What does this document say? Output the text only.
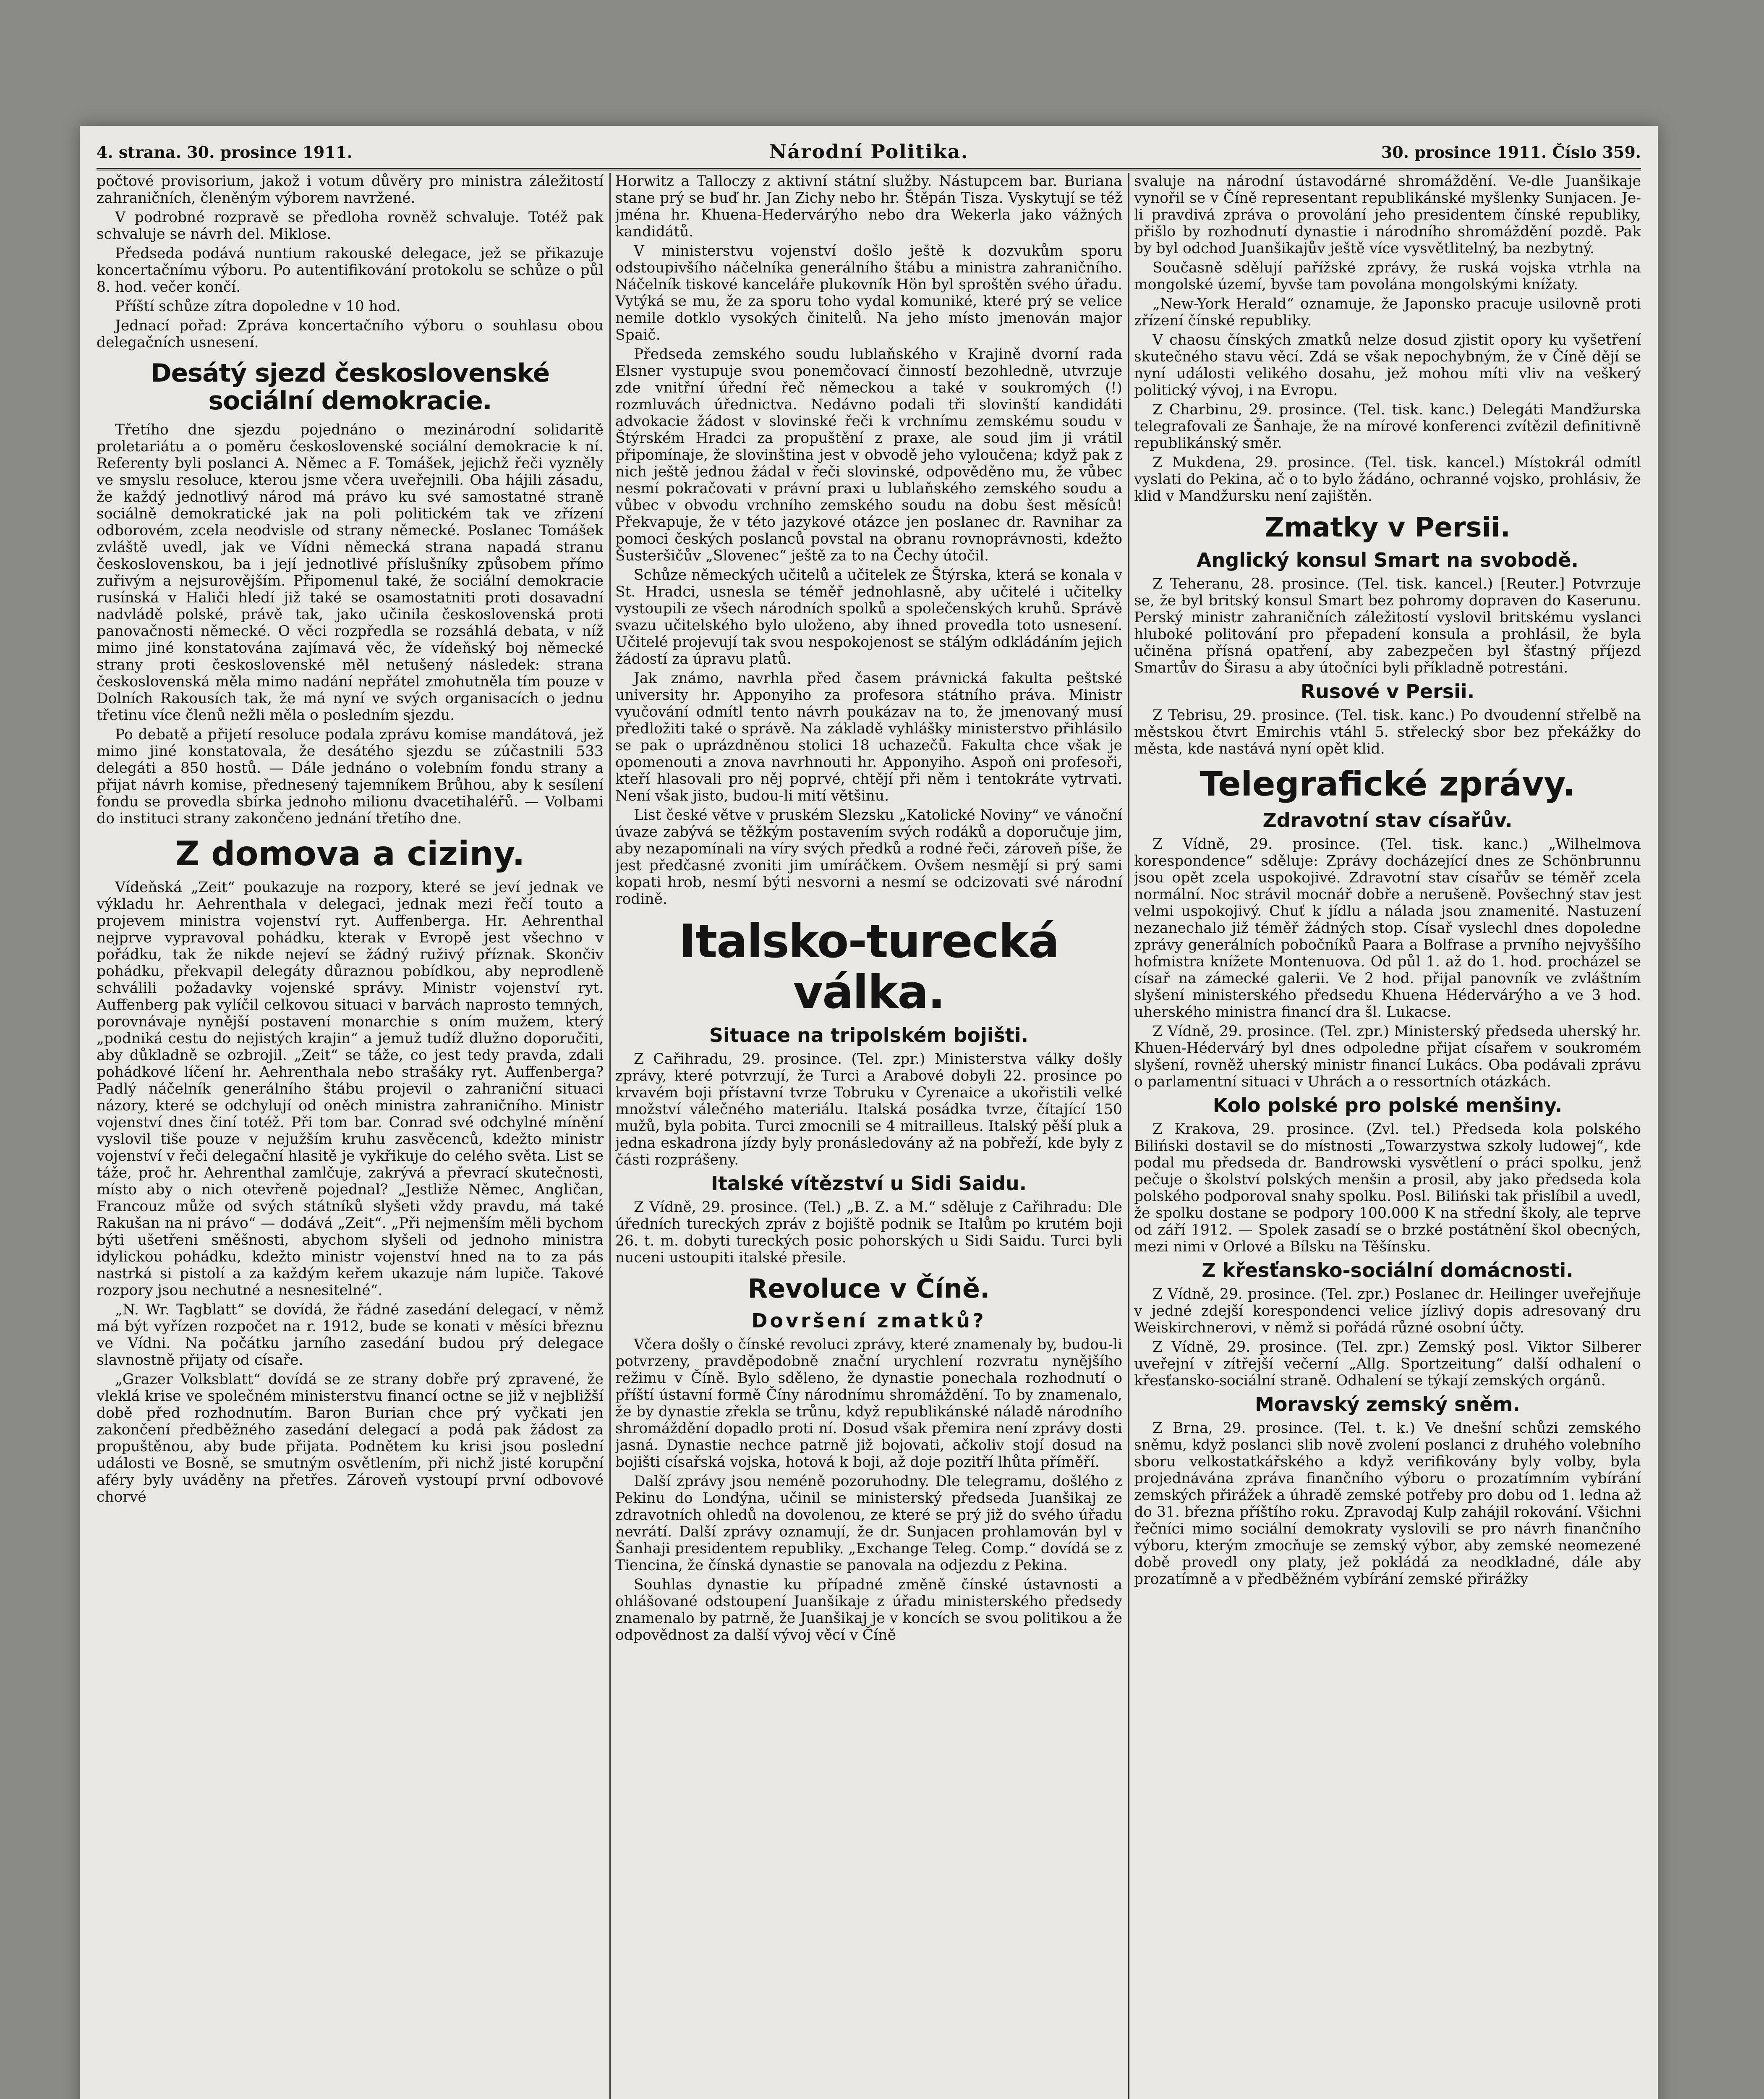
4. strana. 30. prosince 1911.	Národní Politika.	30. prosince 1911. Číslo 359.

počtové provisorium, jakož i votum důvěry pro ministra záležitostí zahraničních, členěným výborem navržené.

V podrobné rozpravě se předloha rovněž schvaluje. Totéž pak schvaluje se návrh del. Miklose.

Předseda podává nuntium rakouské delegace, jež se přikazuje koncertačnímu výboru. Po autentifikování protokolu se schůze o půl 8. hod. večer končí.

Příští schůze zítra dopoledne v 10 hod.

Jednací pořad: Zpráva koncertačního výboru o souhlasu obou delegačních usnesení.

Desátý sjezd československé sociální demokracie.

Třetího dne sjezdu pojednáno o mezinárodní solidaritě proletariátu a o poměru československé sociální demokracie k ní. Referenty byli poslanci A. Němec a F. Tomášek, jejichž řeči vyzněly ve smyslu resoluce, kterou jsme včera uveřejnili. Oba hájili zásadu, že každý jednotlivý národ má právo ku své samostatné straně sociálně demokratické jak na poli politickém tak ve zřízení odborovém, zcela neodvisle od strany německé. Poslanec Tomášek zvláště uvedl, jak ve Vídni německá strana napadá stranu československou, ba i její jednotlivé příslušníky způsobem přímo zuřivým a nejsurovějším. Připomenul také, že sociální demokracie rusínská v Haliči hledí již také se osamostatniti proti dosavadní nadvládě polské, právě tak, jako učinila československá proti panovačnosti německé. O věci rozpředla se rozsáhlá debata, v níž mimo jiné konstatována zajímavá věc, že vídeňský boj německé strany proti československé měl netušený následek: strana československá měla mimo nadání nepřátel zmohutněla tím pouze v Dolních Rakousích tak, že má nyní ve svých organisacích o jednu třetinu více členů nežli měla o posledním sjezdu.

Po debatě a přijetí resoluce podala zprávu komise mandátová, jež mimo jiné konstatovala, že desátého sjezdu se zúčastnili 533 delegáti a 850 hostů. — Dále jednáno o volebním fondu strany a přijat návrh komise, přednesený tajemníkem Brůhou, aby k sesílení fondu se provedla sbírka jednoho milionu dvacetihaléřů. — Volbami do instituci strany zakončeno jednání třetího dne.

Z domova a ciziny.

Vídeňská „Zeit“ poukazuje na rozpory, které se jeví jednak ve výkladu hr. Aehrenthala v delegaci, jednak mezi řečí touto a projevem ministra vojenství ryt. Auffenberga. Hr. Aehrenthal nejprve vypravoval pohádku, kterak v Evropě jest všechno v pořádku, tak že nikde nejeví se žádný ruživý příznak. Skončiv pohádku, překvapil delegáty důraznou pobídkou, aby neprodleně schválili požadavky vojenské správy. Ministr vojenství ryt. Auffenberg pak vylíčil celkovou situaci v barvách naprosto temných, porovnávaje nynější postavení monarchie s oním mužem, který „podniká cestu do nejistých krajin“ a jemuž tudíž dlužno doporučiti, aby důkladně se ozbrojil. „Zeit“ se táže, co jest tedy pravda, zdali pohádkové líčení hr. Aehrenthala nebo strašáky ryt. Auffenberga? Padlý náčelník generálního štábu projevil o zahraniční situaci názory, které se odchylují od oněch ministra zahraničního. Ministr vojenství dnes činí totéž. Při tom bar. Conrad své odchylné mínění vyslovil tiše pouze v nejužším kruhu zasvěcenců, kdežto ministr vojenství v řeči delegační hlasitě je vykřikuje do celého světa. List se táže, proč hr. Aehrenthal zamlčuje, zakrývá a převrací skutečnosti, místo aby o nich otevřeně pojednal? „Jestliže Němec, Angličan, Francouz může od svých státníků slyšeti vždy pravdu, má také Rakušan na ni právo“ — dodává „Zeit“. „Při nejmenším měli bychom býti ušetřeni směšnosti, abychom slyšeli od jednoho ministra idylickou pohádku, kdežto ministr vojenství hned na to za pás nastrká si pistolí a za každým keřem ukazuje nám lupiče. Takové rozpory jsou nechutné a nesnesitelné“.

„N. Wr. Tagblatt“ se dovídá, že řádné zasedání delegací, v němž má být vyřízen rozpočet na r. 1912, bude se konati v měsíci březnu ve Vídni. Na počátku jarního zasedání budou prý delegace slavnostně přijaty od císaře.

„Grazer Volksblatt“ dovídá se ze strany dobře prý zpravené, že vleklá krise ve společném ministerstvu financí octne se již v nejbližší době před rozhodnutím. Baron Burian chce prý vyčkati jen zakončení předběžného zasedání delegací a podá pak žádost za propuštěnou, aby bude přijata. Podnětem ku krisi jsou poslední události ve Bosně, se smutným osvětlením, při nichž jisté korupční aféry byly uváděny na přetřes. Zároveň vystoupí první odbovové chorvé

Horwitz a Talloczy z aktivní státní služby. Nástupcem bar. Buriana stane prý se buď hr. Jan Zichy nebo hr. Štěpán Tisza. Vyskytují se též jména hr. Khuena-Hedervárýho nebo dra Wekerla jako vážných kandidátů.

V ministerstvu vojenství došlo ještě k dozvukům sporu odstoupivšího náčelníka generálního štábu a ministra zahraničního. Náčelník tiskové kanceláře plukovník Hön byl sproštěn svého úřadu. Vytýká se mu, že za sporu toho vydal komuniké, které prý se velice nemile dotklo vysokých činitelů. Na jeho místo jmenován major Spaič.

Předseda zemského soudu lublaňského v Krajině dvorní rada Elsner vystupuje svou ponemčovací činností bezohledně, utvrzuje zde vnitřní úřední řeč německou a také v soukromých (!) rozmluvách úřednictva. Nedávno podali tři slovinští kandidáti advokacie žádost v slovinské řeči k vrchnímu zemskému soudu v Štýrském Hradci za propuštění z praxe, ale soud jim ji vrátil připomínaje, že slovinština jest v obvodě jeho vyloučena; když pak z nich ještě jednou žádal v řeči slovinské, odpověděno mu, že vůbec nesmí pokračovati v právní praxi u lublaňského zemského soudu a vůbec v obvodu vrchního zemského soudu na dobu šest měsíců! Překvapuje, že v této jazykové otázce jen poslanec dr. Ravnihar za pomoci českých poslanců povstal na obranu rovnoprávnosti, kdežto Šusteršičův „Slovenec“ ještě za to na Čechy útočil.

Schůze německých učitelů a učitelek ze Štýrska, která se konala v St. Hradci, usnesla se téměř jednohlasně, aby učitelé i učitelky vystoupili ze všech národních spolků a společenských kruhů. Správě svazu učitelského bylo uloženo, aby ihned provedla toto usnesení. Učitelé projevují tak svou nespokojenost se stálým odkládáním jejich žádostí za úpravu platů.

Jak známo, navrhla před časem právnická fakulta peštské university hr. Apponyiho za profesora státního práva. Ministr vyučování odmítl tento návrh poukázav na to, že jmenovaný musí předložiti také o správě. Na základě vyhlášky ministerstvo přihlásilo se pak o uprázdněnou stolici 18 uchazečů. Fakulta chce však je opomenouti a znova navrhnouti hr. Apponyiho. Aspoň oni profesoři, kteří hlasovali pro něj poprvé, chtějí při něm i tentokráte vytrvati. Není však jisto, budou-li mití většinu.

List české větve v pruském Slezsku „Katolické Noviny“ ve vánoční úvaze zabývá se těžkým postavením svých rodáků a doporučuje jim, aby nezapomínali na víry svých předků a rodné řeči, zároveň píše, že jest předčasné zvoniti jim umíráčkem. Ovšem nesmějí si prý sami kopati hrob, nesmí býti nesvorni a nesmí se odcizovati své národní rodině.

Italsko-turecká válka.
Situace na tripolském bojišti.

Z Cařihradu, 29. prosince. (Tel. zpr.) Ministerstva války došly zprávy, které potvrzují, že Turci a Arabové dobyli 22. prosince po krvavém boji přístavní tvrze Tobruku v Cyrenaice a ukořistili velké množství válečného materiálu. Italská posádka tvrze, čítající 150 mužů, byla pobita. Turci zmocnili se 4 mitrailleus. Italský pěší pluk a jedna eskadrona jízdy byly pronásledovány až na pobřeží, kde byly z části rozprášeny.

Italské vítězství u Sidi Saidu.

Z Vídně, 29. prosince. (Tel.) „B. Z. a M.“ sděluje z Cařihradu: Dle úředních tureckých zpráv z bojiště podnik se Italům po krutém boji 26. t. m. dobyti tureckých posic pohorských u Sidi Saidu. Turci byli nuceni ustoupiti italské přesile.

Revoluce v Číně.
Dovršení zmatků?

Včera došly o čínské revoluci zprávy, které znamenaly by, budou-li potvrzeny, pravděpodobně znační urychlení rozvratu nynějšího režimu v Číně. Bylo sděleno, že dynastie ponechala rozhodnutí o příští ústavní formě Číny národnímu shromáždění. To by znamenalo, že by dynastie zřekla se trůnu, když republikánské náladě národního shromáždění dopadlo proti ní. Dosud však přemira není zprávy dosti jasná. Dynastie nechce patrně již bojovati, ačkoliv stojí dosud na bojišti císařská vojska, hotová k boji, až doje pozitří lhůta příměří.

Další zprávy jsou neméně pozoruhodny. Dle telegramu, došlého z Pekinu do Londýna, učinil se ministerský předseda Juanšikaj ze zdravotních ohledů na dovolenou, ze které se prý již do svého úřadu nevrátí. Další zprávy oznamují, že dr. Sunjacen prohlamován byl v Šanhaji presidentem republiky. „Exchange Teleg. Comp.“ dovídá se z Tiencina, že čínská dynastie se panovala na odjezdu z Pekina.

Souhlas dynastie ku případné změně čínské ústavnosti a ohlášované odstoupení Juanšikaje z úřadu ministerského předsedy znamenalo by patrně, že Juanšikaj je v koncích se svou politikou a že odpovědnost za další vývoj věcí v Číně

svaluje na národní ústavodárné shromáždění. Ve-dle Juanšikaje vynořil se v Číně representant republikánské myšlenky Sunjacen. Je-li pravdivá zpráva o provolání jeho presidentem čínské republiky, přišlo by rozhodnutí dynastie i národního shromáždění pozdě. Pak by byl odchod Juanšikajův ještě více vysvětlitelný, ba nezbytný.

Současně sdělují pařížské zprávy, že ruská vojska vtrhla na mongolské území, byvše tam povolána mongolskými knížaty.

„New-York Herald“ oznamuje, že Japonsko pracuje usilovně proti zřízení čínské republiky.

V chaosu čínských zmatků nelze dosud zjistit opory ku vyšetření skutečného stavu věcí. Zdá se však nepochybným, že v Číně dějí se nyní události velikého dosahu, jež mohou míti vliv na veškerý politický vývoj, i na Evropu.

Z Charbinu, 29. prosince. (Tel. tisk. kanc.) Delegáti Mandžurska telegrafovali ze Šanhaje, že na mírové konferenci zvítězil definitivně republikánský směr.

Z Mukdena, 29. prosince. (Tel. tisk. kancel.) Místokrál odmítl vyslati do Pekina, ač o to bylo žádáno, ochranné vojsko, prohlásiv, že klid v Mandžursku není zajištěn.

Zmatky v Persii.
Anglický konsul Smart na svobodě.

Z Teheranu, 28. prosince. (Tel. tisk. kancel.) [Reuter.] Potvrzuje se, že byl britský konsul Smart bez pohromy dopraven do Kaserunu. Perský ministr zahraničních záležitostí vyslovil britskému vyslanci hluboké politování pro přepadení konsula a prohlásil, že byla učiněna přísná opatření, aby zabezpečen byl šťastný příjezd Smartův do Širasu a aby útočníci byli příkladně potrestáni.

Rusové v Persii.

Z Tebrisu, 29. prosince. (Tel. tisk. kanc.) Po dvoudenní střelbě na městskou čtvrt Emirchis vtáhl 5. střelecký sbor bez překážky do města, kde nastává nyní opět klid.

Telegrafické zprávy.
Zdravotní stav císařův.

Z Vídně, 29. prosince. (Tel. tisk. kanc.) „Wilhelmova korespondence“ sděluje: Zprávy docházející dnes ze Schönbrunnu jsou opět zcela uspokojivé. Zdravotní stav císařův se téměř zcela normální. Noc strávil mocnář dobře a nerušeně. Povšechný stav jest velmi uspokojivý. Chuť k jídlu a nálada jsou znamenité. Nastuzení nezanechalo již téměř žádných stop. Císař vyslechl dnes dopoledne zprávy generálních pobočníků Paara a Bolfrase a prvního nejvyššího hofmistra knížete Montenuova. Od půl 1. až do 1. hod. procházel se císař na zámecké galerii. Ve 2 hod. přijal panovník ve zvláštním slyšení ministerského předsedu Khuena Hédervárýho a ve 3 hod. uherského ministra financí dra šl. Lukacse.

Z Vídně, 29. prosince. (Tel. zpr.) Ministerský předseda uherský hr. Khuen-Hédervárý byl dnes odpoledne přijat císařem v soukromém slyšení, rovněž uherský ministr financí Lukács. Oba podávali zprávu o parlamentní situaci v Uhrách a o ressortních otázkách.

Kolo polské pro polské menšiny.

Z Krakova, 29. prosince. (Zvl. tel.) Předseda kola polského Biliński dostavil se do místnosti „Towarzystwa szkoly ludowej“, kde podal mu předseda dr. Bandrowski vysvětlení o práci spolku, jenž pečuje o školství polských menšin a prosil, aby jako předseda kola polského podporoval snahy spolku. Posl. Biliński tak přislíbil a uvedl, že spolku dostane se podpory 100.000 K na střední školy, ale teprve od září 1912. — Spolek zasadí se o brzké postátnění škol obecných, mezi nimi v Orlové a Bílsku na Těšínsku.

Z křesťansko-sociální domácnosti.

Z Vídně, 29. prosince. (Tel. zpr.) Poslanec dr. Heilinger uveřejňuje v jedné zdejší korespondenci velice jízlivý dopis adresovaný dru Weiskirchnerovi, v němž si pořádá různé osobní účty.

Z Vídně, 29. prosince. (Tel. zpr.) Zemský posl. Viktor Silberer uveřejní v zítřejší večerní „Allg. Sportzeitung“ další odhalení o křesťansko-sociální straně. Odhalení se týkají zemských orgánů.

Moravský zemský sněm.

Z Brna, 29. prosince. (Tel. t. k.) Ve dnešní schůzi zemského sněmu, když poslanci slib nově zvolení poslanci z druhého volebního sboru velkostatkářského a když verifikovány byly volby, byla projednávána zpráva finančního výboru o prozatímním vybírání zemských přirážek a úhradě zemské potřeby pro dobu od 1. ledna až do 31. března příštího roku. Zpravodaj Kulp zahájil rokování. Všichni řečníci mimo sociální demokraty vyslovili se pro návrh finančního výboru, kterým zmocňuje se zemský výbor, aby zemské neomezené době provedl ony platy, jež pokládá za neodkladné, dále aby prozatímně a v předběžném vybírání zemské přirážky
